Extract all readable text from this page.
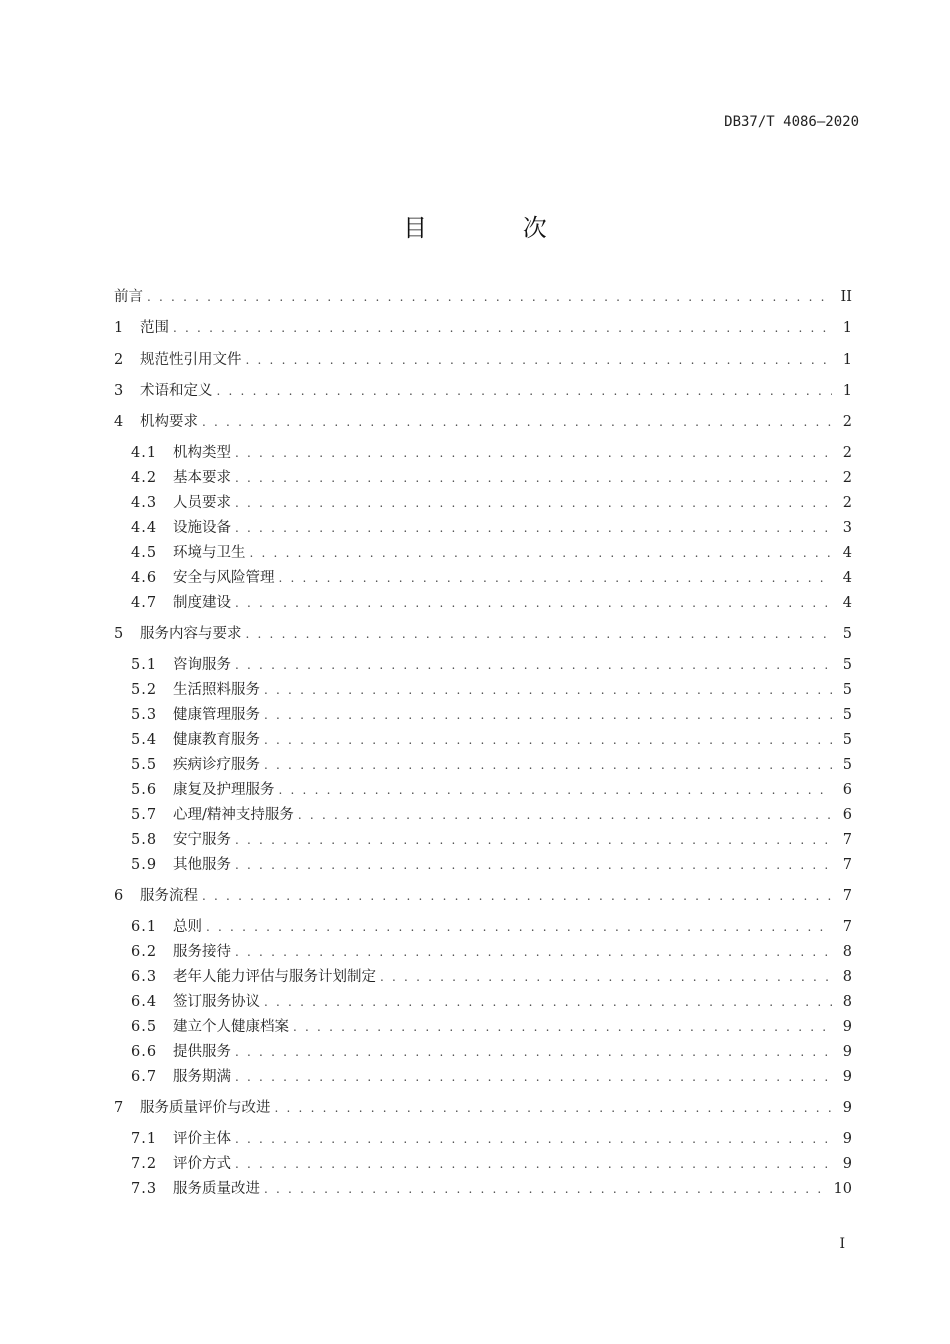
DB37/T 4086—2020
目 次
前言 . . .	II
1	范围 . . .	1
2	规范性引用文件 . . .	1
3	术语和定义 . . .	1
4	机构要求 . . .	2
4.1	机构类型 . . .	2
4.2	基本要求 . . .	2
4.3	人员要求 . . .	2
4.4	设施设备 . . .	3
4.5	环境与卫生 . . .	4
4.6	安全与风险管理 . . .	4
4.7	制度建设 . . .	4
5	服务内容与要求 . . .	5
5.1	咨询服务 . . .	5
5.2	生活照料服务 . . .	5
5.3	健康管理服务 . . .	5
5.4	健康教育服务 . . .	5
5.5	疾病诊疗服务 . . .	5
5.6	康复及护理服务 . . .	6
5.7	心理/精神支持服务 . . .	6
5.8	安宁服务 . . .	7
5.9	其他服务 . . .	7
6	服务流程 . . .	7
6.1	总则 . . .	7
6.2	服务接待 . . .	8
6.3	老年人能力评估与服务计划制定 . . .	8
6.4	签订服务协议 . . .	8
6.5	建立个人健康档案 . . .	9
6.6	提供服务 . . .	9
6.7	服务期满 . . .	9
7	服务质量评价与改进 . . .	9
7.1	评价主体 . . .	9
7.2	评价方式 . . .	9
7.3	服务质量改进 . . .	10
I
